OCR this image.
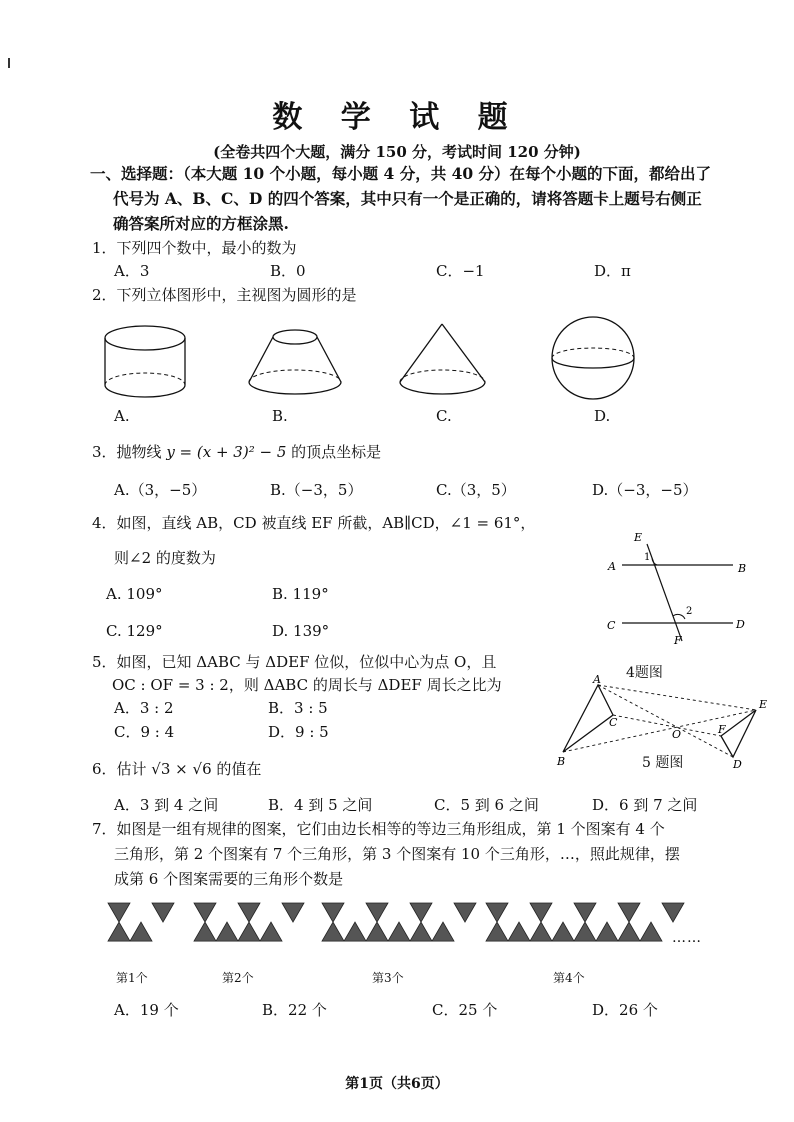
数 学 试 题
(全卷共四个大题，满分 150 分，考试时间 120 分钟)
一、选择题：（本大题 10 个小题，每小题 4 分，共 40 分）在每个小题的下面，都给出了
代号为 A、B、C、D 的四个答案，其中只有一个是正确的，请将答题卡上题号右侧正
确答案所对应的方框涂黑.
1．下列四个数中，最小的数为
A．3	B．0	C．−1	D．π
2．下列立体图形中，主视图为圆形的是
A.	B.	C.	D.
3．抛物线 y = (x + 3)² − 5 的顶点坐标是
A.（3，−5）	B.（−3，5）	C.（3，5）	D.（−3，−5）
4．如图，直线 AB，CD 被直线 EF 所截，AB∥CD，∠1 = 61°，
则∠2 的度数为
A. 109°	B. 119°
C. 129°	D. 139°
E
A	B
C	D
F
1
2
4题图
5．如图，已知 ΔABC 与 ΔDEF 位似，位似中心为点 O，且
OC : OF = 3 : 2，则 ΔABC 的周长与 ΔDEF 周长之比为
A．3 : 2	B．3 : 5
C．9 : 4	D．9 : 5
A
B
C
O
E
F
D
5 题图
6．估计 √3 × √6 的值在
A．3 到 4 之间	B．4 到 5 之间	C．5 到 6 之间	D．6 到 7 之间
7．如图是一组有规律的图案，它们由边长相等的等边三角形组成，第 1 个图案有 4 个
三角形，第 2 个图案有 7 个三角形，第 3 个图案有 10 个三角形，…，照此规律，摆
成第 6 个图案需要的三角形个数是
……
第1个	第2个	第3个	第4个
A．19 个	B．22 个	C．25 个	D．26 个
第1页（共6页）
